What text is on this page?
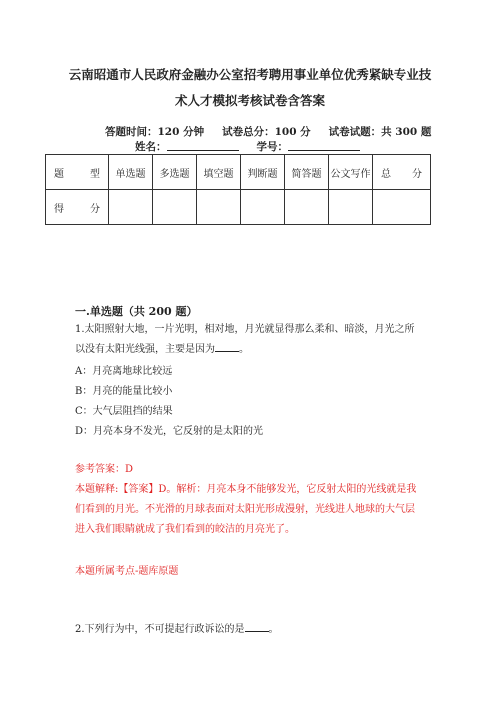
云南昭通市人民政府金融办公室招考聘用事业单位优秀紧缺专业技
术人才模拟考核试卷含答案
答题时间：120 分钟 试卷总分：100 分 试卷试题：共 300 题
姓名：	学号：
题 型	单选题	多选题	填空题	判断题	简答题	公文写作	总 分

得 分							

一.单选题（共 200 题）
1.太阳照射大地，一片光明，相对地，月光就显得那么柔和、暗淡，月光之所
以没有太阳光线强，主要是因为 。
A：月亮离地球比较远
B：月亮的能量比较小
C：大气层阻挡的结果
D：月亮本身不发光，它反射的是太阳的光
参考答案：D
本题解释:【答案】D。解析：月亮本身不能够发光，它反射太阳的光线就是我
们看到的月光。不光滑的月球表面对太阳光形成漫射，光线进人地球的大气层
进入我们眼睛就成了我们看到的皎洁的月亮光了。
本题所属考点-题库原题
2.下列行为中，不可提起行政诉讼的是 。
